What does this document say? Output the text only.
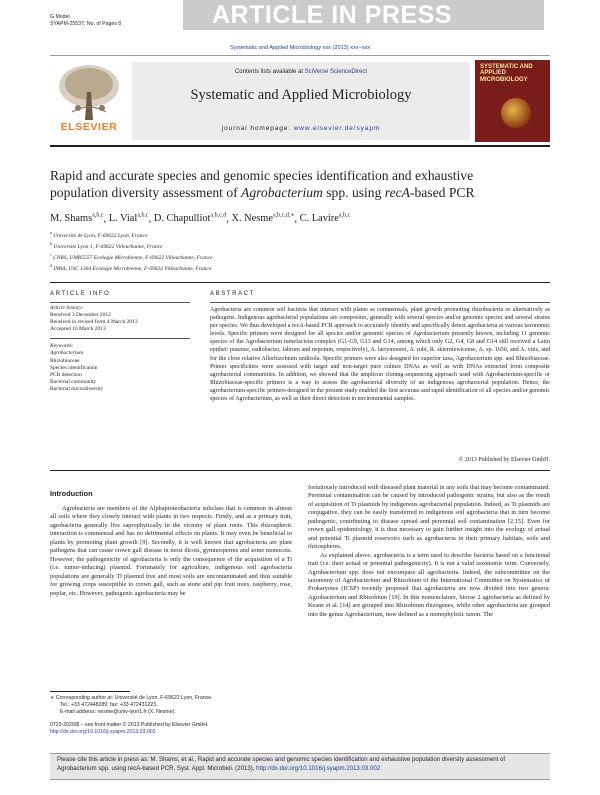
G Model
SYAPM-25537; No. of Pages 8	ARTICLE IN PRESS
Systematic and Applied Microbiology xxx (2013) xxx–xxx
ELSEVIER
Contents lists available at SciVerse ScienceDirect
Systematic and Applied Microbiology
journal homepage: www.elsevier.de/syapm
SYSTEMATIC AND APPLIED MICROBIOLOGY
Rapid and accurate species and genomic species identification and exhaustive population diversity assessment of Agrobacterium spp. using recA-based PCR
M. Shams$^{a,b,c}$, L. Vial$^{a,b,c}$, D. Chapulliot$^{a,b,c,d}$, X. Nesme$^{a,b,c,d,∗}$, C. Lavire$^{a,b,c}$
$^a$ Université de Lyon, F-69622 Lyon, France
$^b$ Université Lyon 1, F-69622 Villeurbanne, France
$^c$ CNRS, UMR5557 Ecologie Microbienne, F-69622 Villeurbanne, France
$^d$ INRA, USC 1364 Ecologie Microbienne, F-69622 Villeurbanne, France
ARTICLE INFO
Article history:
Received 3 December 2012
Received in revised form 4 March 2013
Accepted 10 March 2013
Keywords:
Agrobacterium
Rhizobiaceae
Species identification
PCR detection
Bacterial community
Bacterial microdiversity
ABSTRACT
Agrobacteria are common soil bacteria that interact with plants as commensals, plant growth promoting rhizobacteria or alternatively as pathogens. Indigenous agrobacterial populations are composites, generally with several species and/or genomic species and several strains per species. We thus developed a recA-based PCR approach to accurately identify and specifically detect agrobacteria at various taxonomic levels. Specific primers were designed for all species and/or genomic species of Agrobacterium presently known, including 11 genomic species of the Agrobacterium tumefaciens complex (G1-G9, G13 and G14, among which only G2, G4, G8 and G14 still received a Latin epithet: pusense, radiobacter, fabrum and nepotum, respectively), A. larrymoorei, A. rubi, R. skierniewicense, A. sp. 1650, and A. vitis, and for the close relative Allorhizobium undicola. Specific primers were also designed for superior taxa, Agrobacterium spp. and Rhizobiaceae. Primer specificities were assessed with target and non-target pure culture DNAs as well as with DNAs extracted from composite agrobacterial communities. In addition, we showed that the amplicon cloning-sequencing approach used with Agrobacterium-specific or Rhizobiaceae-specific primers is a way to assess the agrobacterial diversity of an indigenous agrobacterial population. Hence, the agrobacterium-specific primers designed in the present study enabled the first accurate and rapid identification of all species and/or genomic species of Agrobacterium, as well as their direct detection in environmental samples.
© 2013 Published by Elsevier GmbH.
Introduction

Agrobacteria are members of the Alphaproteobacteria subclass that is common in almost all soils where they closely interact with plants in two respects. Firstly, and as a primary trait, agrobacteria generally live saprophytically in the vicinity of plant roots. This rhizospheric interaction is commensal and has no detrimental effects on plants. It may even be beneficial to plants by promoting plant growth [9]. Secondly, it is well known that agrobacteria are plant pathogens that can cause crown gall disease in most dicots, gymnosperms and some monocots. However, the pathogenicity of agrobacteria is only the consequence of the acquisition of a Ti (i.e. tumor-inducing) plasmid. Fortunately for agriculture, indigenous soil agrobacteria populations are generally Ti plasmid free and most soils are uncontaminated and thus suitable for growing crops susceptible to crown gall, such as stone and pip fruit trees, raspberry, rose, poplar, etc. However, pathogenic agrobacteria may be

fortuitously introduced with diseased plant material in any soils that may become contaminated. Perennial contamination can be caused by introduced pathogenic strains, but also as the result of acquisition of Ti plasmids by indigenous agrobacterial population. Indeed, as Ti plasmids are conjugative, they can be easily transferred to indigenous soil agrobacteria that in turn become pathogenic, contributing to disease spread and perennial soil contamination [2,15]. Even for crown gall epidemiology, it is thus necessary to gain further insight into the ecology of actual and potential Ti plasmid reservoirs such as agrobacteria in their primary habitats, soils and rhizospheres.

As explained above, agrobacteria is a term used to describe bacteria based on a functional trait (i.e. their actual or potential pathogenicity). It is not a valid taxonomic term. Conversely, Agrobacterium spp. does not encompass all agrobacteria. Indeed, the subcommittee on the taxonomy of Agrobacterium and Rhizobium of the International Committee on Systematics of Prokaryotes (ICSP) recently proposed that agrobacteria are now divided into two genera: Agrobacterium and Rhizobium [19]. In this nomenclature, biovar 2 agrobacteria as defined by Keane et al. [14] are grouped into Rhizobium rhizogenes, while other agrobacteria are grouped into the genus Agrobacterium, now defined as a monophyletic taxon. The

∗ Corresponding author at: Université de Lyon, F-69622 Lyon, France.
Tel.: +33 472448289; fax: +33 472431223.
E-mail address: nesme@univ-lyon1.fr (X. Nesme).
0723-2020/$ – see front matter © 2013 Published by Elsevier GmbH.
http://dx.doi.org/10.1016/j.syapm.2013.03.002
Please cite this article in press as: M. Shams, et al., Rapid and accurate species and genomic species identification and exhaustive population diversity assessment of Agrobacterium spp. using recA-based PCR, Syst. Appl. Microbiol. (2013), http://dx.doi.org/10.1016/j.syapm.2013.03.002
